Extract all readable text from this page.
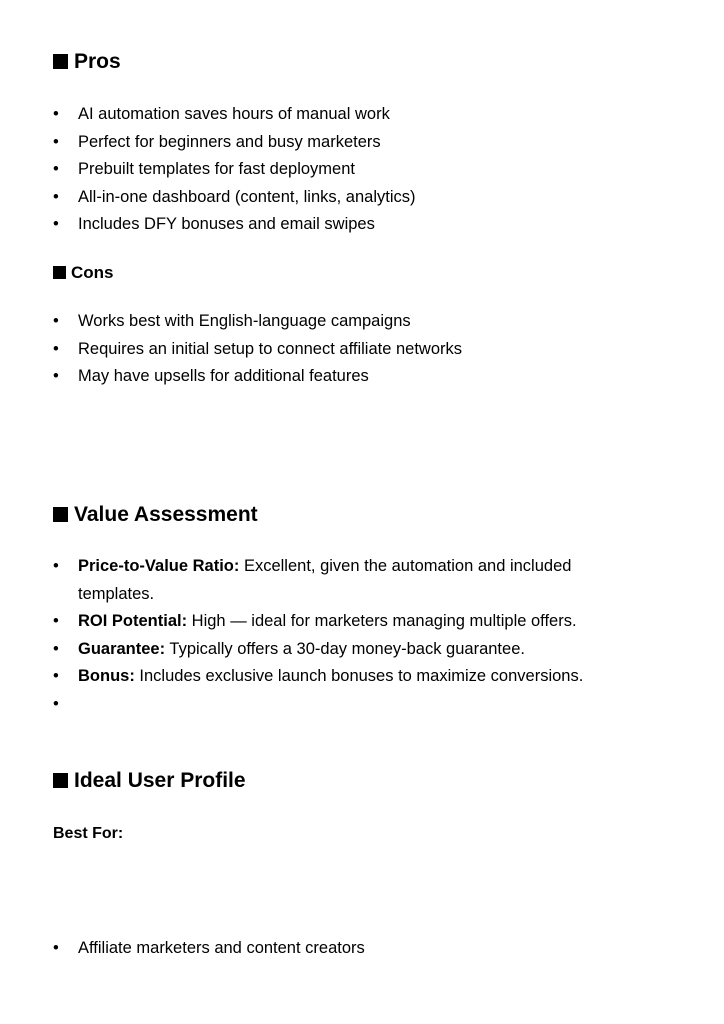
Pros
• AI automation saves hours of manual work
• Perfect for beginners and busy marketers
• Prebuilt templates for fast deployment
• All-in-one dashboard (content, links, analytics)
• Includes DFY bonuses and email swipes
Cons
• Works best with English-language campaigns
• Requires an initial setup to connect affiliate networks
• May have upsells for additional features
Value Assessment
• Price-to-Value Ratio: Excellent, given the automation and included templates.
• ROI Potential: High — ideal for marketers managing multiple offers.
• Guarantee: Typically offers a 30-day money-back guarantee.
• Bonus: Includes exclusive launch bonuses to maximize conversions.
•

Ideal User Profile

Best For:

• Affiliate marketers and content creators
